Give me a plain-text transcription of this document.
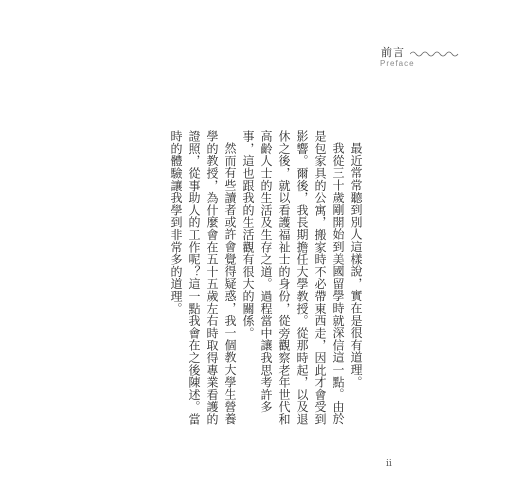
前言
Preface

最近常常聽到別人這樣說，實在是很有道理。

我從三十歲剛開始到美國留學時就深信這一點。由於是包家具的公寓，搬家時不必帶東西走，因此才會受到影響。爾後，我長期擔任大學教授。從那時起，以及退休之後，就以看護福祉士的身份，從旁觀察老年世代和高齡人士的生活及生存之道。過程當中讓我思考許多事，這也跟我的生活觀有很大的關係。

然而有些讀者或許會覺得疑惑，我一個教大學生營養學的教授，為什麼會在五十五歲左右時取得專業看護的證照，從事助人的工作呢？這一點我會在之後陳述。當時的體驗讓我學到非常多的道理。

ii
